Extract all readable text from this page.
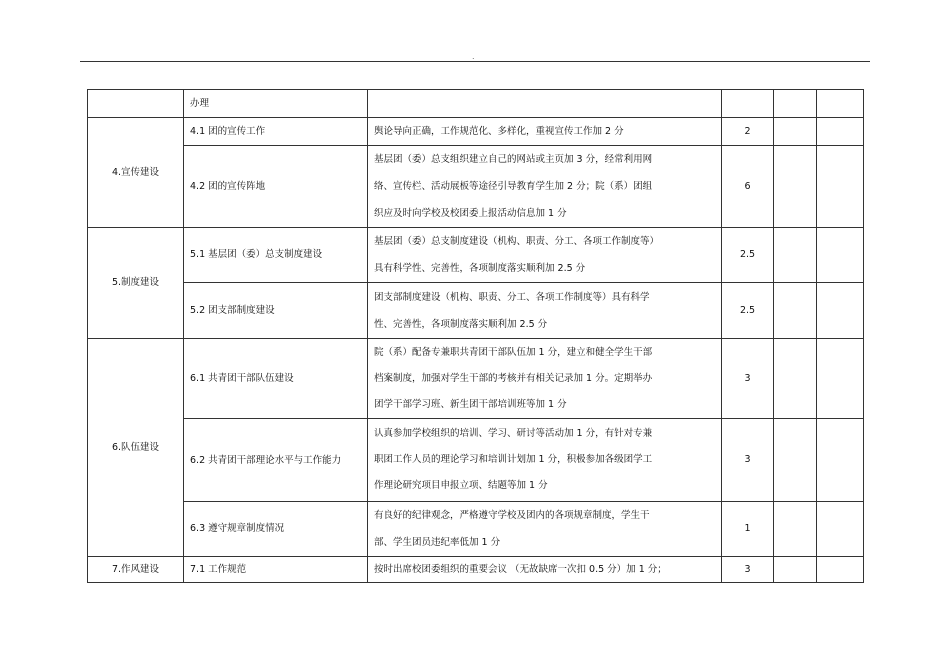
.
	办理				
4.宣传建设	4.1 团的宣传工作	舆论导向正确，工作规范化、多样化，重视宣传工作加 2 分	2		
	4.2 团的宣传阵地	基层团（委）总支组织建立自己的网站或主页加 3 分，经常利用网
络、宣传栏、活动展板等途径引导教育学生加 2 分；院（系）团组
织应及时向学校及校团委上报活动信息加 1 分	6		
5.制度建设	5.1 基层团（委）总支制度建设	基层团（委）总支制度建设（机构、职责、分工、各项工作制度等）
具有科学性、完善性，各项制度落实顺利加 2.5 分	2.5		
	5.2 团支部制度建设	团支部制度建设（机构、职责、分工、各项工作制度等）具有科学
性、完善性，各项制度落实顺利加 2.5 分	2.5		
6.队伍建设	6.1 共青团干部队伍建设	院（系）配备专兼职共青团干部队伍加 1 分，建立和健全学生干部
档案制度，加强对学生干部的考核并有相关记录加 1 分。定期举办
团学干部学习班、新生团干部培训班等加 1 分	3		
	6.2 共青团干部理论水平与工作能力	认真参加学校组织的培训、学习、研讨等活动加 1 分，有针对专兼
职团工作人员的理论学习和培训计划加 1 分，积极参加各级团学工
作理论研究项目申报立项、结题等加 1 分	3		
	6.3 遵守规章制度情况	有良好的纪律观念，严格遵守学校及团内的各项规章制度，学生干
部、学生团员违纪率低加 1 分	1		
7.作风建设	7.1 工作规范	按时出席校团委组织的重要会议 （无故缺席一次扣 0.5 分）加 1 分；	3		
